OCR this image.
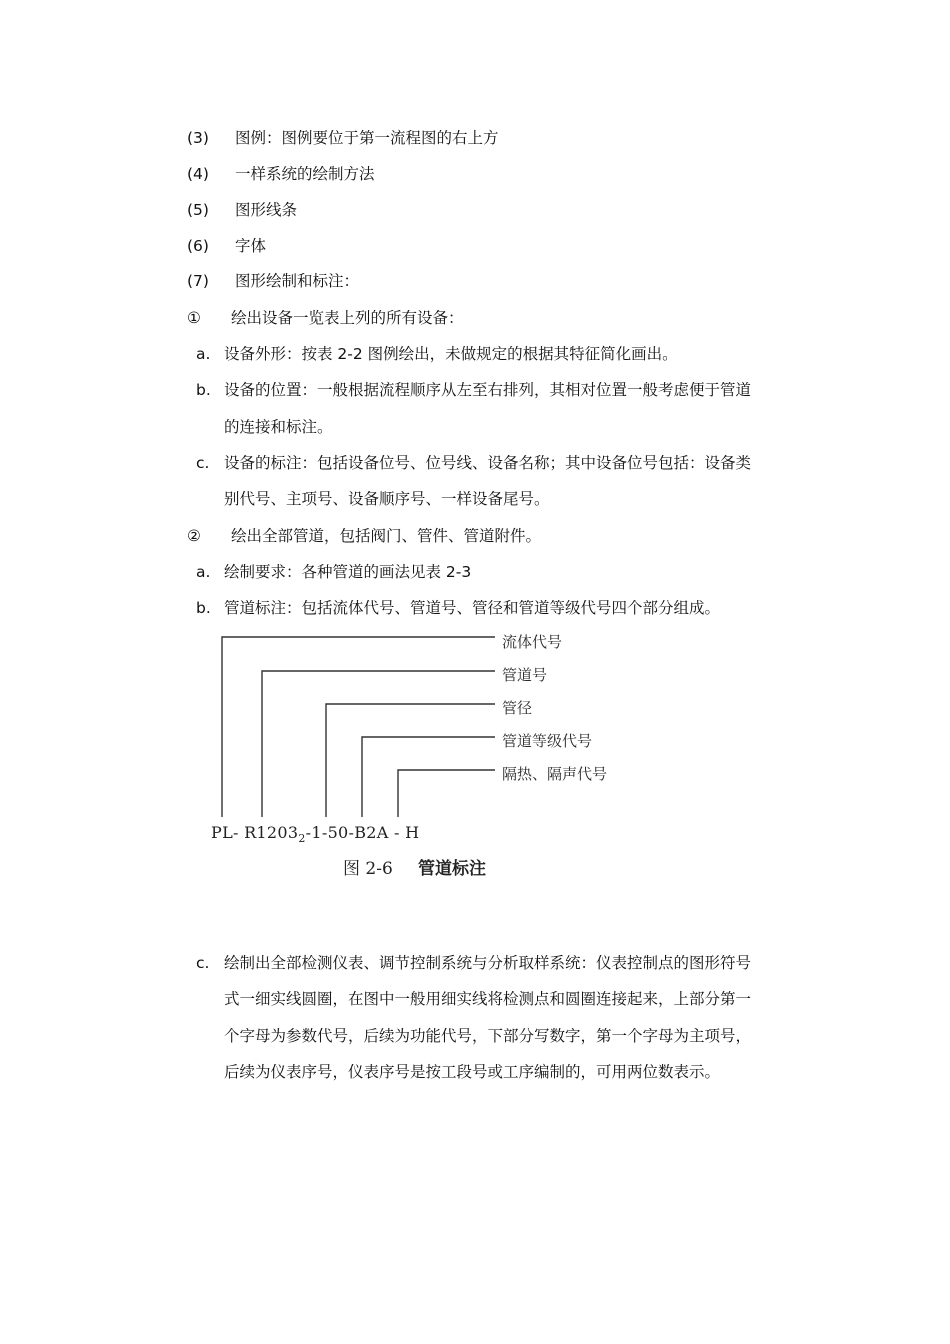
(3) 图例：图例要位于第一流程图的右上方
(4) 一样系统的绘制方法
(5) 图形线条
(6) 字体
(7) 图形绘制和标注：
① 绘出设备一览表上列的所有设备：
a. 设备外形：按表 2-2 图例绘出，未做规定的根据其特征简化画出。
b. 设备的位置：一般根据流程顺序从左至右排列，其相对位置一般考虑便于管道
的连接和标注。
c. 设备的标注：包括设备位号、位号线、设备名称；其中设备位号包括：设备类
别代号、主项号、设备顺序号、一样设备尾号。
② 绘出全部管道，包括阀门、管件、管道附件。
a. 绘制要求：各种管道的画法见表 2-3
b. 管道标注：包括流体代号、管道号、管径和管道等级代号四个部分组成。
流体代号
管道号
管径
管道等级代号
隔热、隔声代号
PL- $R1203_2-1-50-B2A$ - H
图 2-6 管道标注
c. 绘制出全部检测仪表、调节控制系统与分析取样系统：仪表控制点的图形符号
式一细实线圆圈，在图中一般用细实线将检测点和圆圈连接起来，上部分第一
个字母为参数代号，后续为功能代号，下部分写数字，第一个字母为主项号，
后续为仪表序号，仪表序号是按工段号或工序编制的，可用两位数表示。
